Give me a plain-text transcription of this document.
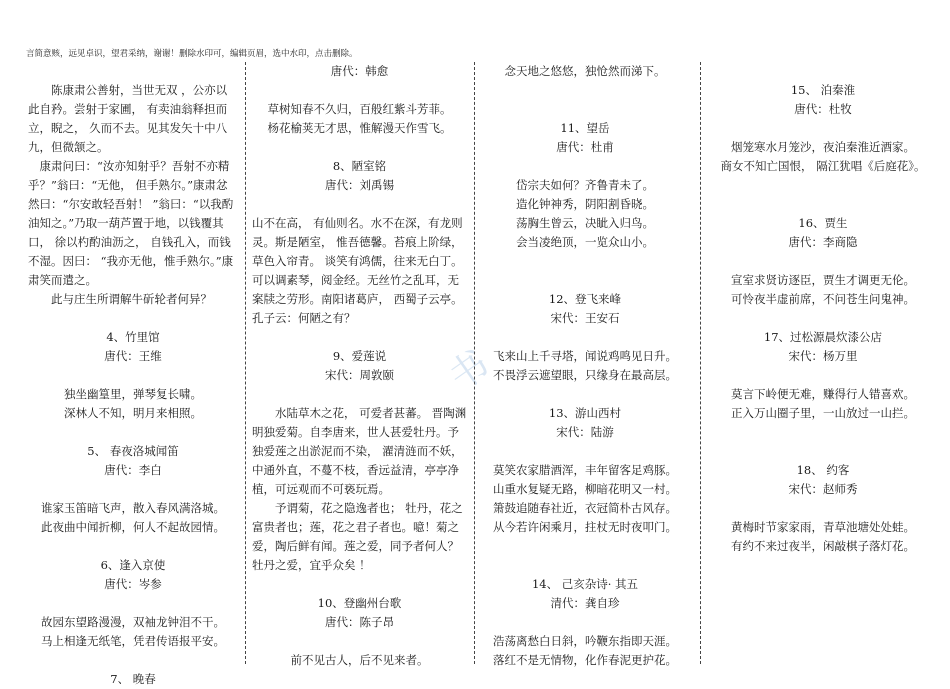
言简意赅，远见卓识，望君采纳，谢谢！删除水印可，编辑页眉，选中水印，点击删除。
书

陈康肃公善射，当世无双 ，公亦以此自矜。尝射于家圃， 有卖油翁释担而立，睨之， 久而不去。见其发矢十中八九，但微颔之。

康肃问曰：“汝亦知射乎？吾射不亦精乎？”翁曰：“无他， 但手熟尔。”康肃忿然曰：“尔安敢轻吾射！ ”翁曰：“以我酌油知之。”乃取一葫芦置于地，以钱覆其口， 徐以杓酌油沥之， 自钱孔入，而钱不湿。因曰： “我亦无他，惟手熟尔。”康肃笑而遣之。

此与庄生所谓解牛斫轮者何异？

4、竹里馆

唐代：王维

独坐幽篁里，弹琴复长啸。

深林人不知，明月来相照。

5、 春夜洛城闻笛

唐代：李白

谁家玉笛暗飞声，散入春风满洛城。

此夜曲中闻折柳，何人不起故园情。

6、逢入京使

唐代：岑参

故园东望路漫漫，双袖龙钟泪不干。

马上相逢无纸笔，凭君传语报平安。

7、 晚春

唐代：韩愈

草树知春不久归，百般红紫斗芳菲。

杨花榆荚无才思，惟解漫天作雪飞。

8、陋室铭

唐代：刘禹锡

山不在高， 有仙则名。水不在深，有龙则灵。斯是陋室， 惟吾德馨。苔痕上阶绿， 草色入帘青。 谈笑有鸿儒，往来无白丁。可以调素琴，阅金经。无丝竹之乱耳，无案牍之劳形。南阳诸葛庐， 西蜀子云亭。孔子云：何陋之有？

9、爱莲说

宋代：周敦颐

水陆草木之花， 可爱者甚蕃。 晋陶渊明独爱菊。自李唐来，世人甚爱牡丹。予独爱莲之出淤泥而不染， 濯清涟而不妖，中通外直，不蔓不枝，香远益清，亭亭净植，可远观而不可亵玩焉。

予谓菊，花之隐逸者也； 牡丹，花之富贵者也；莲，花之君子者也。噫！菊之爱，陶后鲜有闻。莲之爱，同予者何人？牡丹之爱，宜乎众矣 ！

10、登幽州台歌

唐代：陈子昂

前不见古人，后不见来者。

念天地之悠悠，独怆然而涕下。

11、望岳

唐代：杜甫

岱宗夫如何？齐鲁青未了。

造化钟神秀，阴阳割昏晓。

荡胸生曾云，决眦入归鸟。

会当凌绝顶，一览众山小。

12、登飞来峰

宋代：王安石

飞来山上千寻塔，闻说鸡鸣见日升。

不畏浮云遮望眼，只缘身在最高层。

13、游山西村

宋代：陆游

莫笑农家腊酒浑，丰年留客足鸡豚。

山重水复疑无路，柳暗花明又一村。

箫鼓追随春社近，衣冠简朴古风存。

从今若许闲乘月，拄杖无时夜叩门。

14、 己亥杂诗· 其五

清代：龚自珍

浩荡离愁白日斜，吟鞭东指即天涯。

落红不是无情物，化作春泥更护花。

15、 泊秦淮

唐代：杜牧

烟笼寒水月笼沙，夜泊秦淮近酒家。

商女不知亡国恨， 隔江犹唱《后庭花》。

16、贾生

唐代：李商隐

宣室求贤访逐臣，贾生才调更无伦。

可怜夜半虚前席，不问苍生问鬼神。

17、过松源晨炊漆公店

宋代：杨万里

莫言下岭便无难，赚得行人错喜欢。

正入万山圈子里，一山放过一山拦。

18、 约客

宋代：赵师秀

黄梅时节家家雨，青草池塘处处蛙。

有约不来过夜半，闲敲棋子落灯花。
